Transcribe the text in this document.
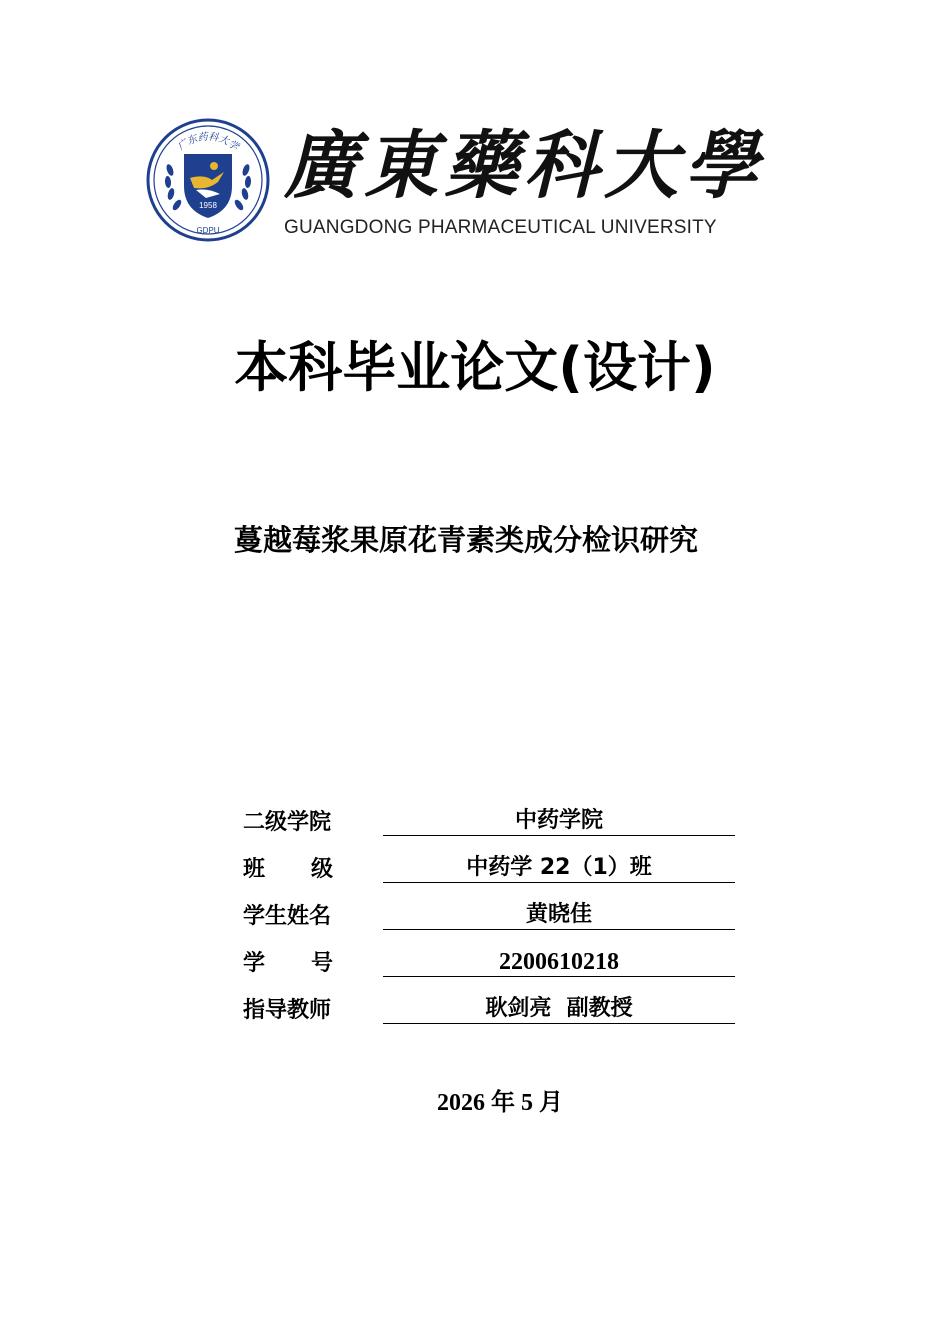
广东药科大学
1958
GDPU
廣東藥科大學
GUANGDONG PHARMACEUTICAL UNIVERSITY
本科毕业论文(设计)
蔓越莓浆果原花青素类成分检识研究
二级学院	中药学院
班      级	中药学 22（1）班
学生姓名	黄晓佳
学      号	2200610218
指导教师	耿剑亮  副教授
2026 年 5 月
